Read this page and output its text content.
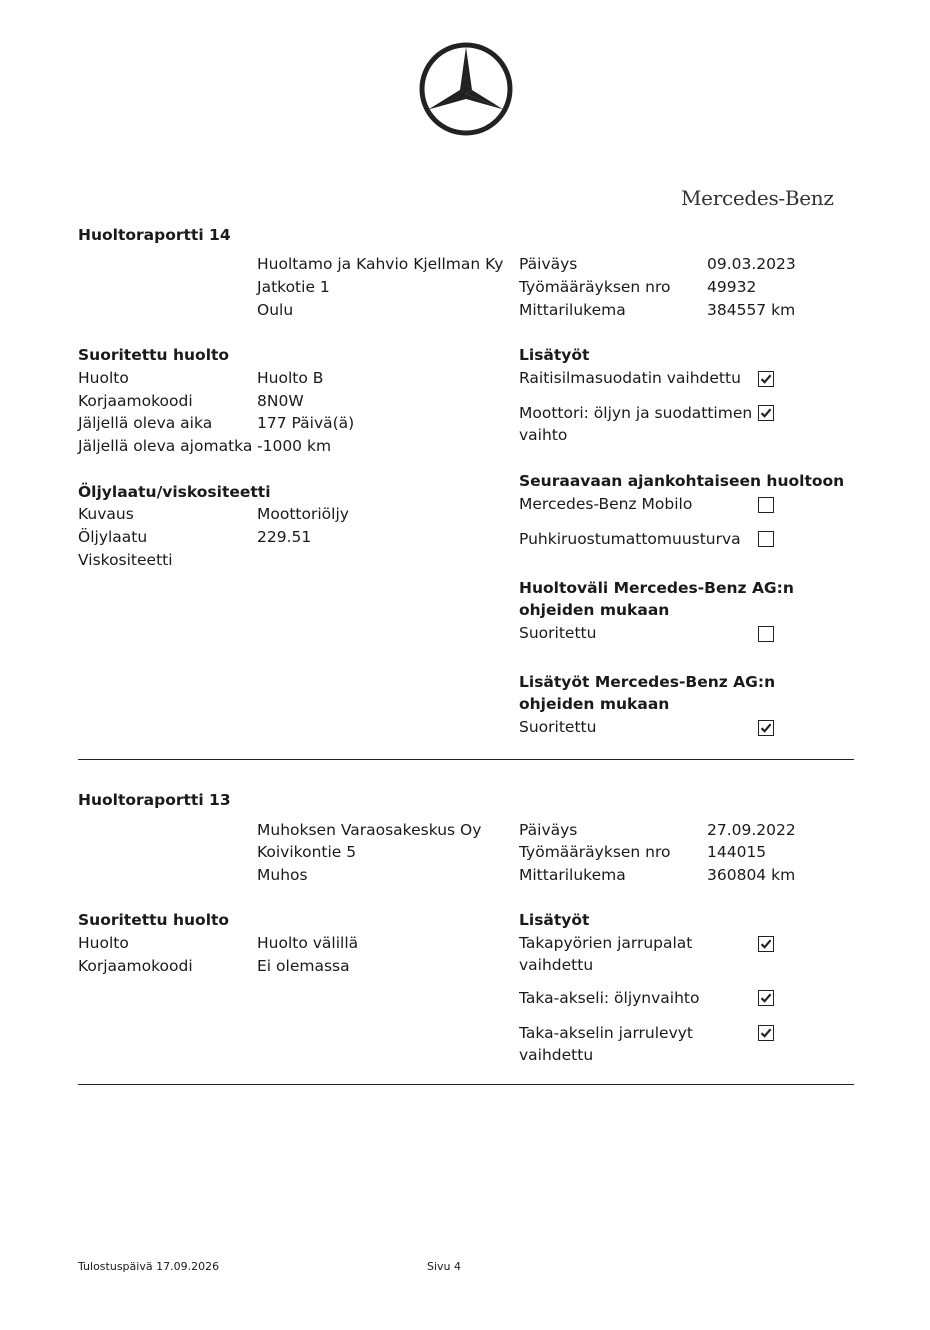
Mercedes-Benz
Huoltoraportti 14
Huoltamo ja Kahvio Kjellman Ky
Jatkotie 1
Oulu
Päiväys	09.03.2023
Työmääräyksen nro 49932
Mittarilukema	384557 km
Suoritettu huolto
Huolto	Huolto B
Korjaamokoodi	8N0W
Jäljellä oleva aika	177 Päivä(ä)
Jäljellä oleva ajomatka -1000 km
Öljylaatu/viskositeetti
Kuvaus	Moottoriöljy
Öljylaatu	229.51
Viskositeetti
Lisätyöt
Raitisilmasuodatin vaihdettu
Moottori: öljyn ja suodattimen vaihto
Seuraavaan ajankohtaiseen huoltoon
Mercedes-Benz Mobilo
Puhkiruostumattomuusturva
Huoltoväli Mercedes-Benz AG:n ohjeiden mukaan
Suoritettu
Lisätyöt Mercedes-Benz AG:n ohjeiden mukaan
Suoritettu
Huoltoraportti 13
Muhoksen Varaosakeskus Oy
Koivikontie 5
Muhos
Päiväys	27.09.2022
Työmääräyksen nro 144015
Mittarilukema	360804 km
Suoritettu huolto
Huolto	Huolto välillä
Korjaamokoodi	Ei olemassa
Lisätyöt
Takapyörien jarrupalat vaihdettu
Taka-akseli: öljynvaihto
Taka-akselin jarrulevyt vaihdettu
Tulostuspäivä 17.09.2026	Sivu 4
